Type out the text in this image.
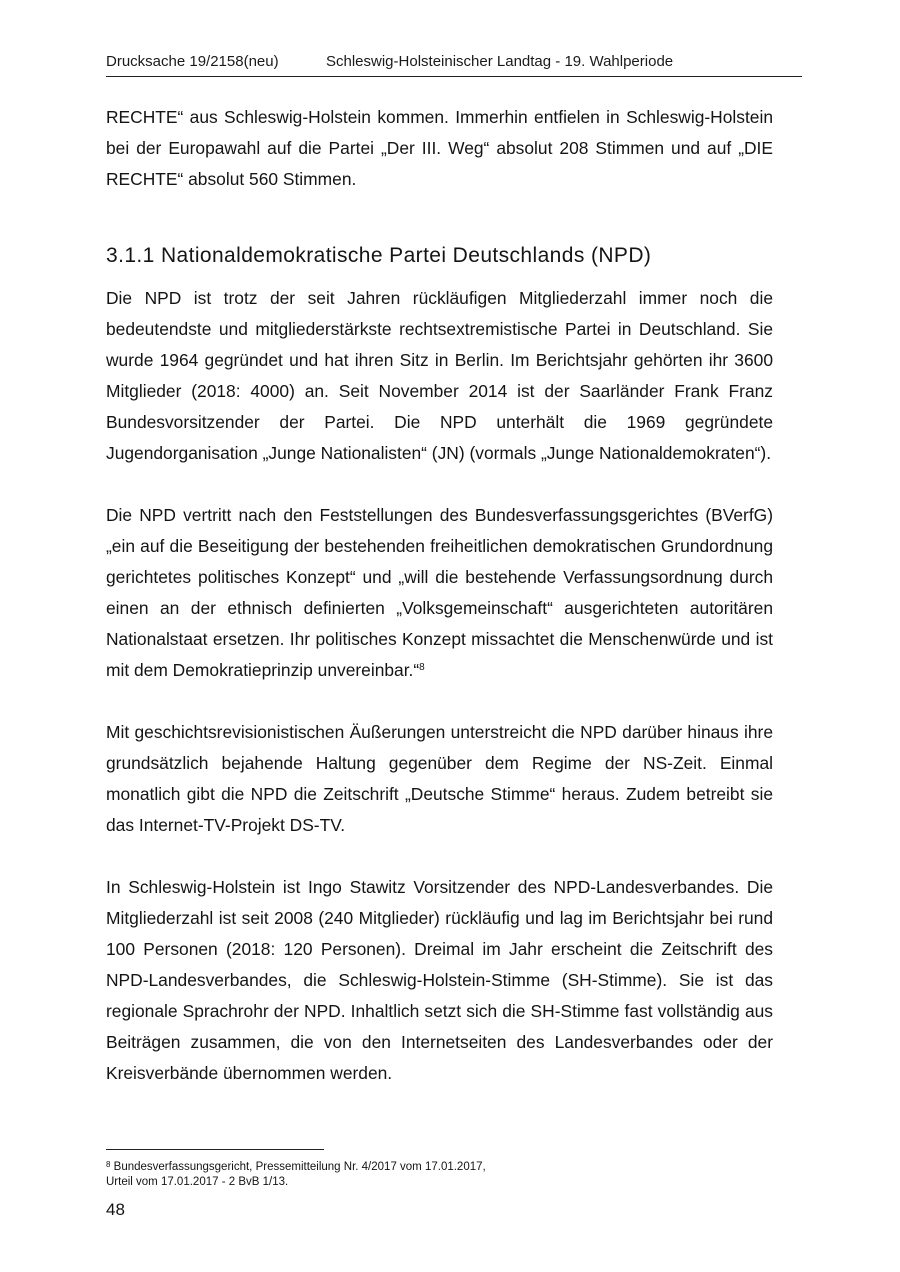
Drucksache 19/2158(neu)	Schleswig-Holsteinischer Landtag - 19. Wahlperiode

RECHTE“ aus Schleswig-Holstein kommen. Immerhin entfielen in Schleswig-Holstein bei der Europawahl auf die Partei „Der III. Weg“ absolut 208 Stimmen und auf „DIE RECHTE“ absolut 560 Stimmen.

3.1.1 Nationaldemokratische Partei Deutschlands (NPD)

Die NPD ist trotz der seit Jahren rückläufigen Mitgliederzahl immer noch die bedeutendste und mitgliederstärkste rechtsextremistische Partei in Deutschland. Sie wurde 1964 gegründet und hat ihren Sitz in Berlin. Im Berichtsjahr gehörten ihr 3600 Mitglieder (2018: 4000) an. Seit November 2014 ist der Saarländer Frank Franz Bundesvorsitzender der Partei. Die NPD unterhält die 1969 gegründete Jugendorganisation „Junge Nationalisten“ (JN) (vormals „Junge Nationaldemokraten“).

Die NPD vertritt nach den Feststellungen des Bundesverfassungsgerichtes (BVerfG) „ein auf die Beseitigung der bestehenden freiheitlichen demokratischen Grundordnung gerichtetes politisches Konzept“ und „will die bestehende Verfassungsordnung durch einen an der ethnisch definierten „Volksgemeinschaft“ ausgerichteten autoritären Nationalstaat ersetzen. Ihr politisches Konzept missachtet die Menschenwürde und ist mit dem Demokratieprinzip unvereinbar.“$^8$

Mit geschichtsrevisionistischen Äußerungen unterstreicht die NPD darüber hinaus ihre grundsätzlich bejahende Haltung gegenüber dem Regime der NS-Zeit. Einmal monatlich gibt die NPD die Zeitschrift „Deutsche Stimme“ heraus. Zudem betreibt sie das Internet-TV-Projekt DS-TV.

In Schleswig-Holstein ist Ingo Stawitz Vorsitzender des NPD-Landesverbandes. Die Mitgliederzahl ist seit 2008 (240 Mitglieder) rückläufig und lag im Berichtsjahr bei rund 100 Personen (2018: 120 Personen). Dreimal im Jahr erscheint die Zeitschrift des NPD-Landesverbandes, die Schleswig-Holstein-Stimme (SH-Stimme). Sie ist das regionale Sprachrohr der NPD. Inhaltlich setzt sich die SH-Stimme fast vollständig aus Beiträgen zusammen, die von den Internetseiten des Landesverbandes oder der Kreisverbände übernommen werden.

$^8$ Bundesverfassungsgericht, Pressemitteilung Nr. 4/2017 vom 17.01.2017,
Urteil vom 17.01.2017 - 2 BvB 1/13.
48
